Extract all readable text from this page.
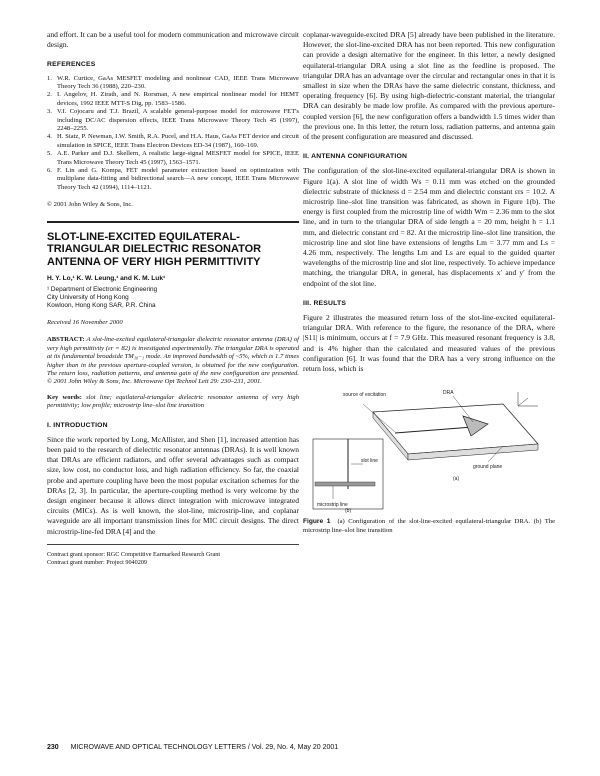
and effort. It can be a useful tool for modern communication and microwave circuit design.

REFERENCES
1. W.R. Curtice, GaAs MESFET modeling and nonlinear CAD, IEEE Trans Microwave Theory Tech 36 (1988), 220–230.
2. I. Angelov, H. Zirath, and N. Rorsman, A new empirical nonlinear model for HEMT devices, 1992 IEEE MTT-S Dig, pp. 1583–1586.
3. V.I. Cojocaru and T.J. Brazil, A scalable general-purpose model for microwave FET's including DC/AC dispersion effects, IEEE Trans Microwave Theory Tech 45 (1997), 2248–2255.
4. H. Statz, P. Newman, I.W. Smith, R.A. Pucel, and H.A. Haus, GaAs FET device and circuit simulation in SPICE, IEEE Trans Electron Devices ED-34 (1987), 160–169.
5. A.E. Parker and D.J. Skellern, A realistic large-signal MESFET model for SPICE, IEEE Trans Microwave Theory Tech 45 (1997), 1563–1571.
6. F. Lin and G. Kompa, FET model parameter extraction based on optimization with multiplane data-fitting and bidirectional search—A new concept, IEEE Trans Microwave Theory Tech 42 (1994), 1114–1121.

© 2001 John Wiley & Sons, Inc.

SLOT-LINE-EXCITED EQUILATERAL-TRIANGULAR DIELECTRIC RESONATOR ANTENNA OF VERY HIGH PERMITTIVITY
H. Y. Lo,¹ K. W. Leung,¹ and K. M. Luk¹
¹ Department of Electronic Engineering
City University of Hong Kong
Kowloon, Hong Kong SAR, P.R. China

Received 16 November 2000

ABSTRACT: A slot-line-excited equilateral-triangular dielectric resonator antenna (DRA) of very high permittivity (εr = 82) is investigated experimentally. The triangular DRA is operated at its fundamental broadside TM₁₀₋₁ mode. An improved bandwidth of ~5%, which is 1.7 times higher than in the previous aperture-coupled version, is obtained for the new configuration. The return loss, radiation patterns, and antenna gain of the new configuration are presented. © 2001 John Wiley & Sons, Inc. Microwave Opt Technol Lett 29: 230–231, 2001.

Key words: slot line; equilateral-triangular dielectric resonator antenna of very high permittivity; low profile; microstrip line–slot line transition

I. INTRODUCTION

Since the work reported by Long, McAllister, and Shen [1], increased attention has been paid to the research of dielectric resonator antennas (DRAs). It is well known that DRAs are efficient radiators, and offer several advantages such as compact size, low cost, no conductor loss, and high radiation efficiency. So far, the coaxial probe and aperture coupling have been the most popular excitation schemes for the DRAs [2, 3]. In particular, the aperture-coupling method is very welcome by the design engineer because it allows direct integration with microwave integrated circuits (MICs). As is well known, the slot-line, microstrip-line, and coplanar waveguide are all important transmission lines for MIC circuit designs. The direct microstrip-line-fed DRA [4] and the

Contract grant sponsor: RGC Competitive Earmarked Research Grant
Contract grant number: Project 9040209

coplanar-waveguide-excited DRA [5] already have been published in the literature. However, the slot-line-excited DRA has not been reported. This new configuration can provide a design alternative for the engineer. In this letter, a newly designed equilateral-triangular DRA using a slot line as the feedline is proposed. The triangular DRA has an advantage over the circular and rectangular ones in that it is smallest in size when the DRAs have the same dielectric constant, thickness, and operating frequency [6]. By using high-dielectric-constant material, the triangular DRA can desirably be made low profile. As compared with the previous aperture-coupled version [6], the new configuration offers a bandwidth 1.5 times wider than the previous one. In this letter, the return loss, radiation patterns, and antenna gain of the present configuration are measured and discussed.

II. ANTENNA CONFIGURATION

The configuration of the slot-line-excited equilateral-triangular DRA is shown in Figure 1(a). A slot line of width Ws = 0.11 mm was etched on the grounded dielectric substrate of thickness d = 2.54 mm and dielectric constant εrs = 10.2. A microstrip line–slot line transition was fabricated, as shown in Figure 1(b). The energy is first coupled from the microstrip line of width Wm = 2.36 mm to the slot line, and in turn to the triangular DRA of side length a = 20 mm, height h = 1.1 mm, and dielectric constant εrd = 82. At the microstrip line–slot line transition, the microstrip line and slot line have extensions of lengths Lm = 3.77 mm and Ls = 4.26 mm, respectively. The lengths Lm and Ls are equal to the guided quarter wavelengths of the microstrip line and slot line, respectively. To achieve impedance matching, the triangular DRA, in general, has displacements x′ and y′ from the endpoint of the slot line.

III. RESULTS

Figure 2 illustrates the measured return loss of the slot-line-excited equilateral-triangular DRA. With reference to the figure, the resonance of the DRA, where |S11| is minimum, occurs at f = 7.9 GHz. This measured resonant frequency is 3.8, and is 4% higher than the calculated and measured values of the previous configuration [6]. It was found that the DRA has a very strong influence on the return loss, which is

source of excitation	DRA
ground plane
(a)
slot line
microstrip line
(b)

Figure 1 (a) Configuration of the slot-line-excited equilateral-triangular DRA. (b) The microstrip line–slot line transition

230 MICROWAVE AND OPTICAL TECHNOLOGY LETTERS / Vol. 29, No. 4, May 20 2001
